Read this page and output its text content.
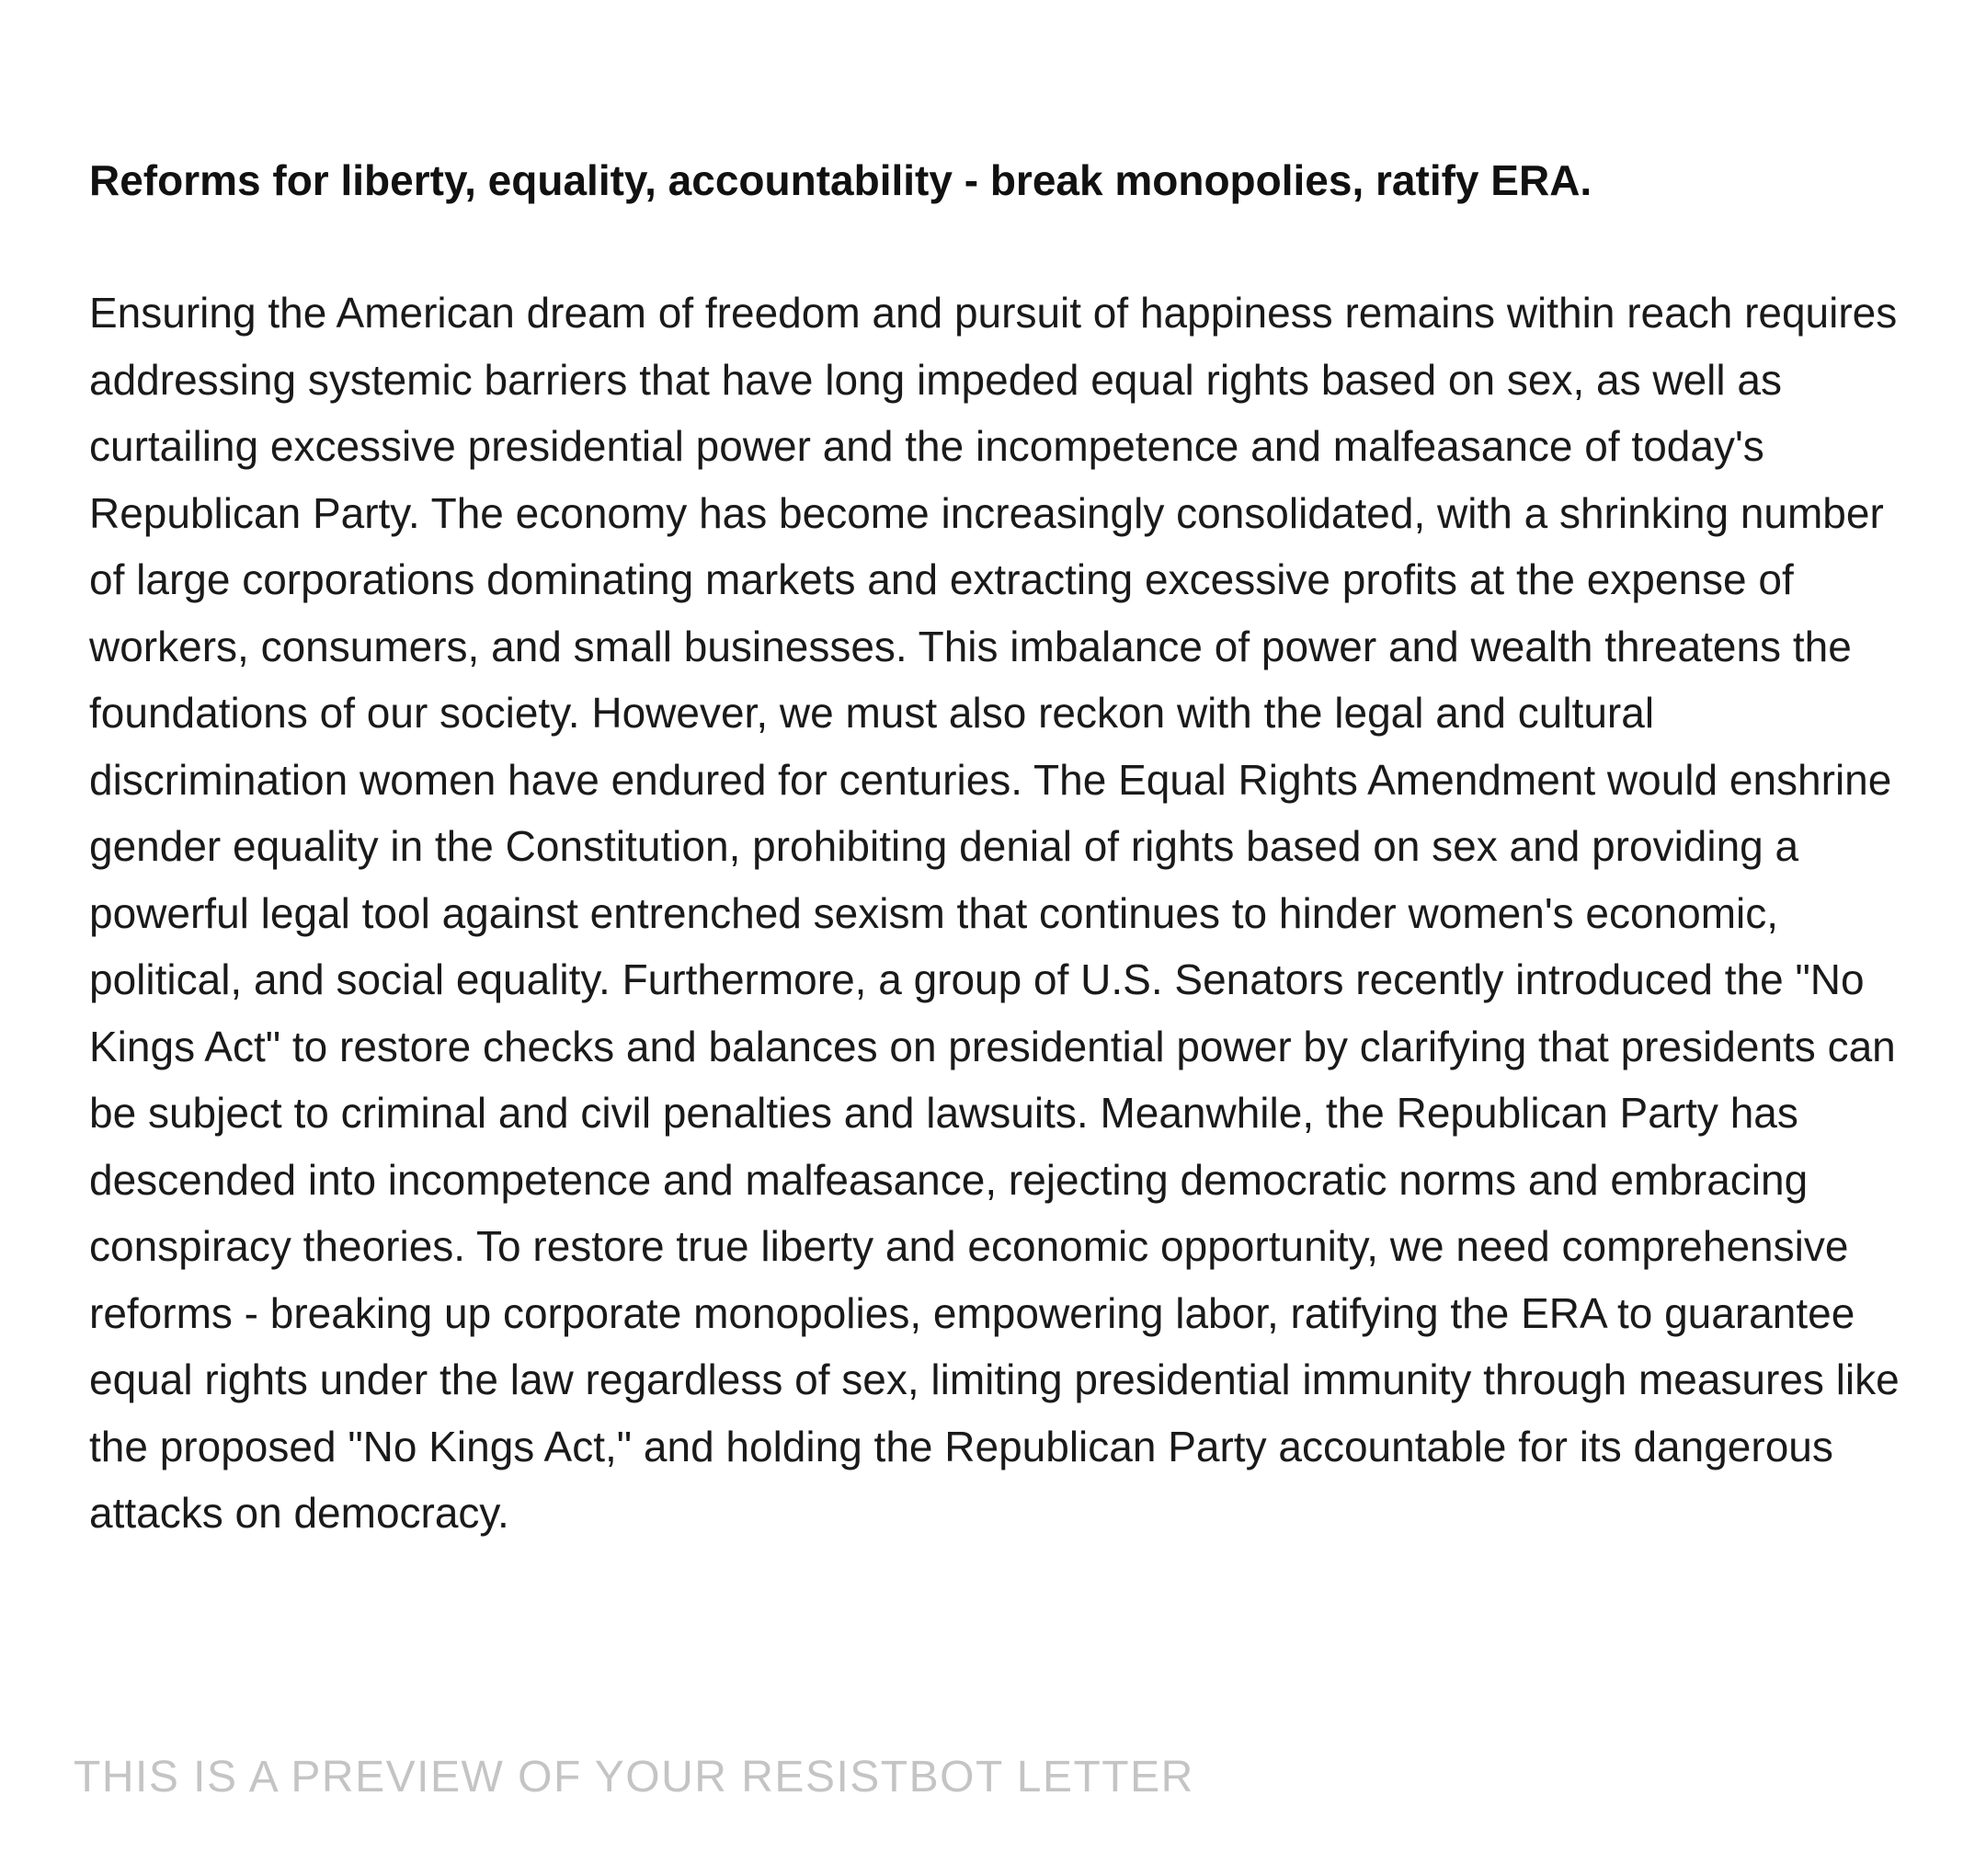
Reforms for liberty, equality, accountability - break monopolies, ratify ERA.

Ensuring the American dream of freedom and pursuit of happiness remains within reach requires addressing systemic barriers that have long impeded equal rights based on sex, as well as curtailing excessive presidential power and the incompetence and malfeasance of today's Republican Party. The economy has become increasingly consolidated, with a shrinking number of large corporations dominating markets and extracting excessive profits at the expense of workers, consumers, and small businesses. This imbalance of power and wealth threatens the foundations of our society. However, we must also reckon with the legal and cultural discrimination women have endured for centuries. The Equal Rights Amendment would enshrine gender equality in the Constitution, prohibiting denial of rights based on sex and providing a powerful legal tool against entrenched sexism that continues to hinder women's economic, political, and social equality. Furthermore, a group of U.S. Senators recently introduced the "No Kings Act" to restore checks and balances on presidential power by clarifying that presidents can be subject to criminal and civil penalties and lawsuits. Meanwhile, the Republican Party has descended into incompetence and malfeasance, rejecting democratic norms and embracing conspiracy theories. To restore true liberty and economic opportunity, we need comprehensive reforms - breaking up corporate monopolies, empowering labor, ratifying the ERA to guarantee equal rights under the law regardless of sex, limiting presidential immunity through measures like the proposed "No Kings Act," and holding the Republican Party accountable for its dangerous attacks on democracy.

THIS IS A PREVIEW OF YOUR RESISTBOT LETTER
